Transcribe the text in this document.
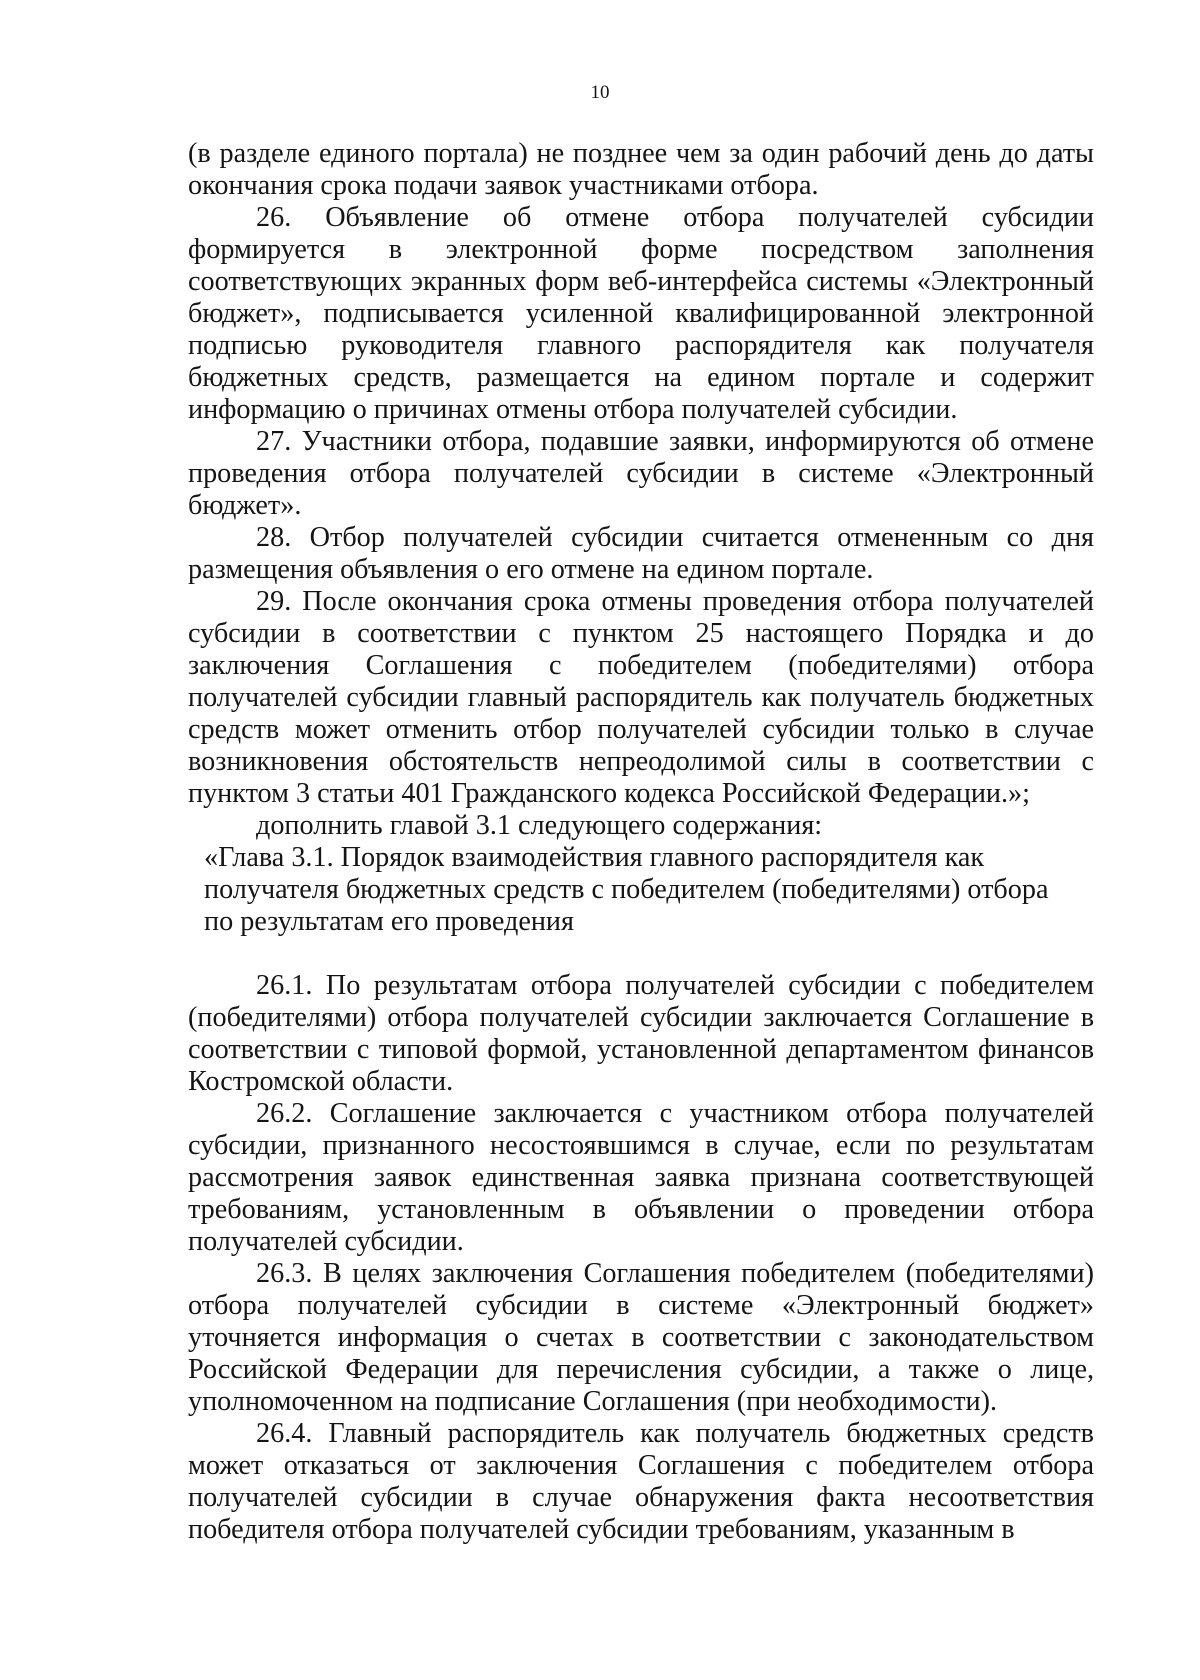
10

(в разделе единого портала) не позднее чем за один рабочий день до даты окончания срока подачи заявок участниками отбора.

26. Объявление об отмене отбора получателей субсидии формируется в электронной форме посредством заполнения соответствующих экранных форм веб-интерфейса системы «Электронный бюджет», подписывается усиленной квалифицированной электронной подписью руководителя главного распорядителя как получателя бюджетных средств, размещается на едином портале и содержит информацию о причинах отмены отбора получателей субсидии.

27. Участники отбора, подавшие заявки, информируются об отмене проведения отбора получателей субсидии в системе «Электронный бюджет».

28. Отбор получателей субсидии считается отмененным со дня размещения объявления о его отмене на едином портале.

29. После окончания срока отмены проведения отбора получателей субсидии в соответствии с пунктом 25 настоящего Порядка и до заключения Соглашения с победителем (победителями) отбора получателей субсидии главный распорядитель как получатель бюджетных средств может отменить отбор получателей субсидии только в случае возникновения обстоятельств непреодолимой силы в соответствии с пунктом 3 статьи 401 Гражданского кодекса Российской Федерации.»;

дополнить главой 3.1 следующего содержания:

«Глава 3.1. Порядок взаимодействия главного распорядителя как

получателя бюджетных средств с победителем (победителями) отбора

по результатам его проведения

26.1. По результатам отбора получателей субсидии с победителем (победителями) отбора получателей субсидии заключается Соглашение в соответствии с типовой формой, установленной департаментом финансов Костромской области.

26.2. Соглашение заключается с участником отбора получателей субсидии, признанного несостоявшимся в случае, если по результатам рассмотрения заявок единственная заявка признана соответствующей требованиям, установленным в объявлении о проведении отбора получателей субсидии.

26.3. В целях заключения Соглашения победителем (победителями) отбора получателей субсидии в системе «Электронный бюджет» уточняется информация о счетах в соответствии с законодательством Российской Федерации для перечисления субсидии, а также о лице, уполномоченном на подписание Соглашения (при необходимости).

26.4. Главный распорядитель как получатель бюджетных средств может отказаться от заключения Соглашения с победителем отбора получателей субсидии в случае обнаружения факта несоответствия победителя отбора получателей субсидии требованиям, указанным в
